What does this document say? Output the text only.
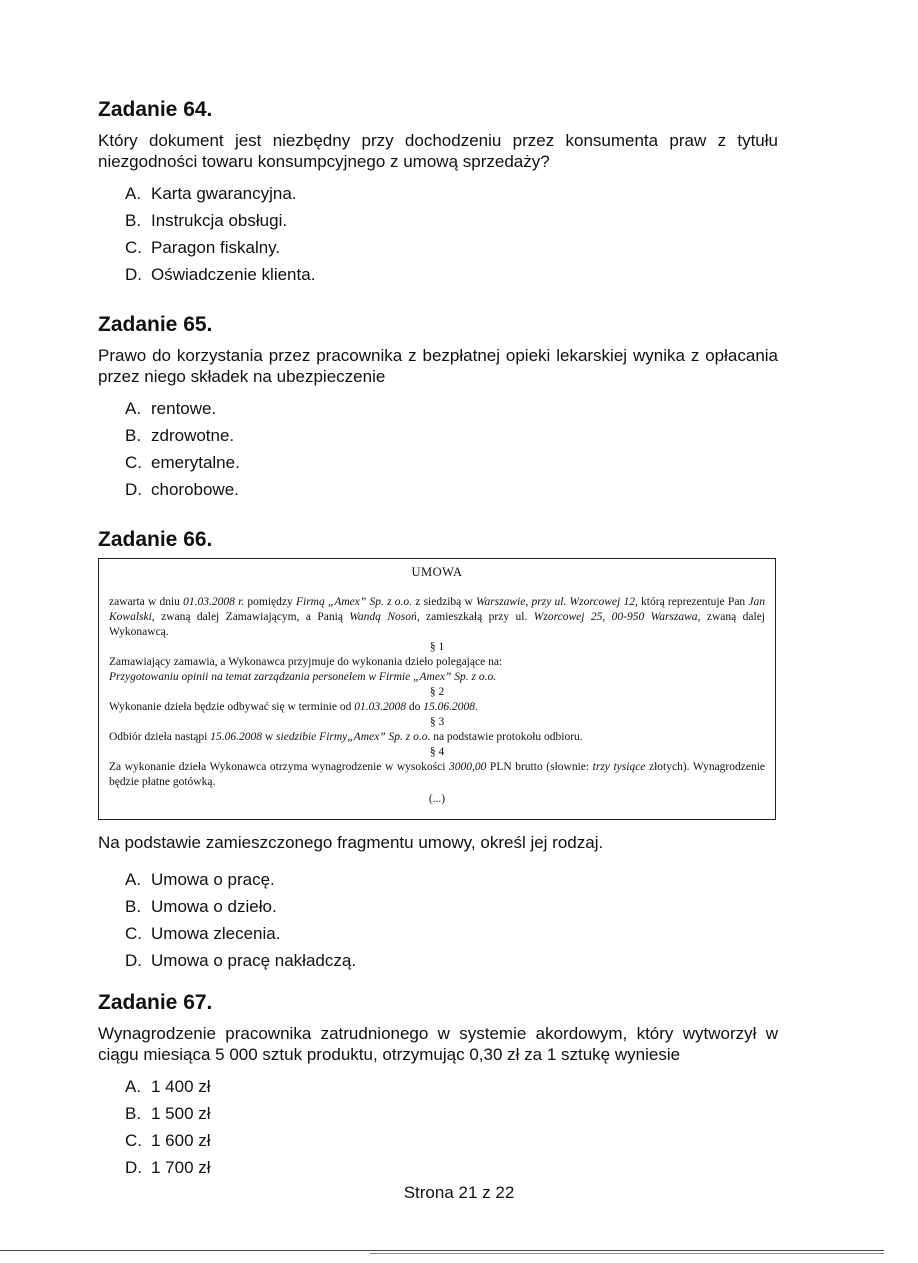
Zadanie 64.

Który dokument jest niezbędny przy dochodzeniu przez konsumenta praw z tytułu niezgodności towaru konsumpcyjnego z umową sprzedaży?

A. Karta gwarancyjna.
B. Instrukcja obsługi.
C. Paragon fiskalny.
D. Oświadczenie klienta.
Zadanie 65.

Prawo do korzystania przez pracownika z bezpłatnej opieki lekarskiej wynika z opłacania przez niego składek na ubezpieczenie

A. rentowe.
B. zdrowotne.
C. emerytalne.
D. chorobowe.
Zadanie 66.
UMOWA

zawarta w dniu 01.03.2008 r. pomiędzy Firmą „Amex” Sp. z o.o. z siedzibą w Warszawie, przy ul. Wzorcowej 12, którą reprezentuje Pan Jan Kowalski, zwaną dalej Zamawiającym, a Panią Wandą Nosoń, zamieszkałą przy ul. Wzorcowej 25, 00-950 Warszawa, zwaną dalej Wykonawcą.

§ 1

Zamawiający zamawia, a Wykonawca przyjmuje do wykonania dzieło polegające na:

Przygotowaniu opinii na temat zarządzania personelem w Firmie „Amex” Sp. z o.o.

§ 2

Wykonanie dzieła będzie odbywać się w terminie od 01.03.2008 do 15.06.2008.

§ 3

Odbiór dzieła nastąpi 15.06.2008 w siedzibie Firmy„Amex” Sp. z o.o. na podstawie protokołu odbioru.

§ 4

Za wykonanie dzieła Wykonawca otrzyma wynagrodzenie w wysokości 3000,00 PLN brutto (słownie: trzy tysiące złotych). Wynagrodzenie będzie płatne gotówką.

(...)

Na podstawie zamieszczonego fragmentu umowy, określ jej rodzaj.

A. Umowa o pracę.
B. Umowa o dzieło.
C. Umowa zlecenia.
D. Umowa o pracę nakładczą.
Zadanie 67.

Wynagrodzenie pracownika zatrudnionego w systemie akordowym, który wytworzył w ciągu miesiąca 5 000 sztuk produktu, otrzymując 0,30 zł za 1 sztukę wyniesie

A. 1 400 zł
B. 1 500 zł
C. 1 600 zł
D. 1 700 zł
Strona 21 z 22
